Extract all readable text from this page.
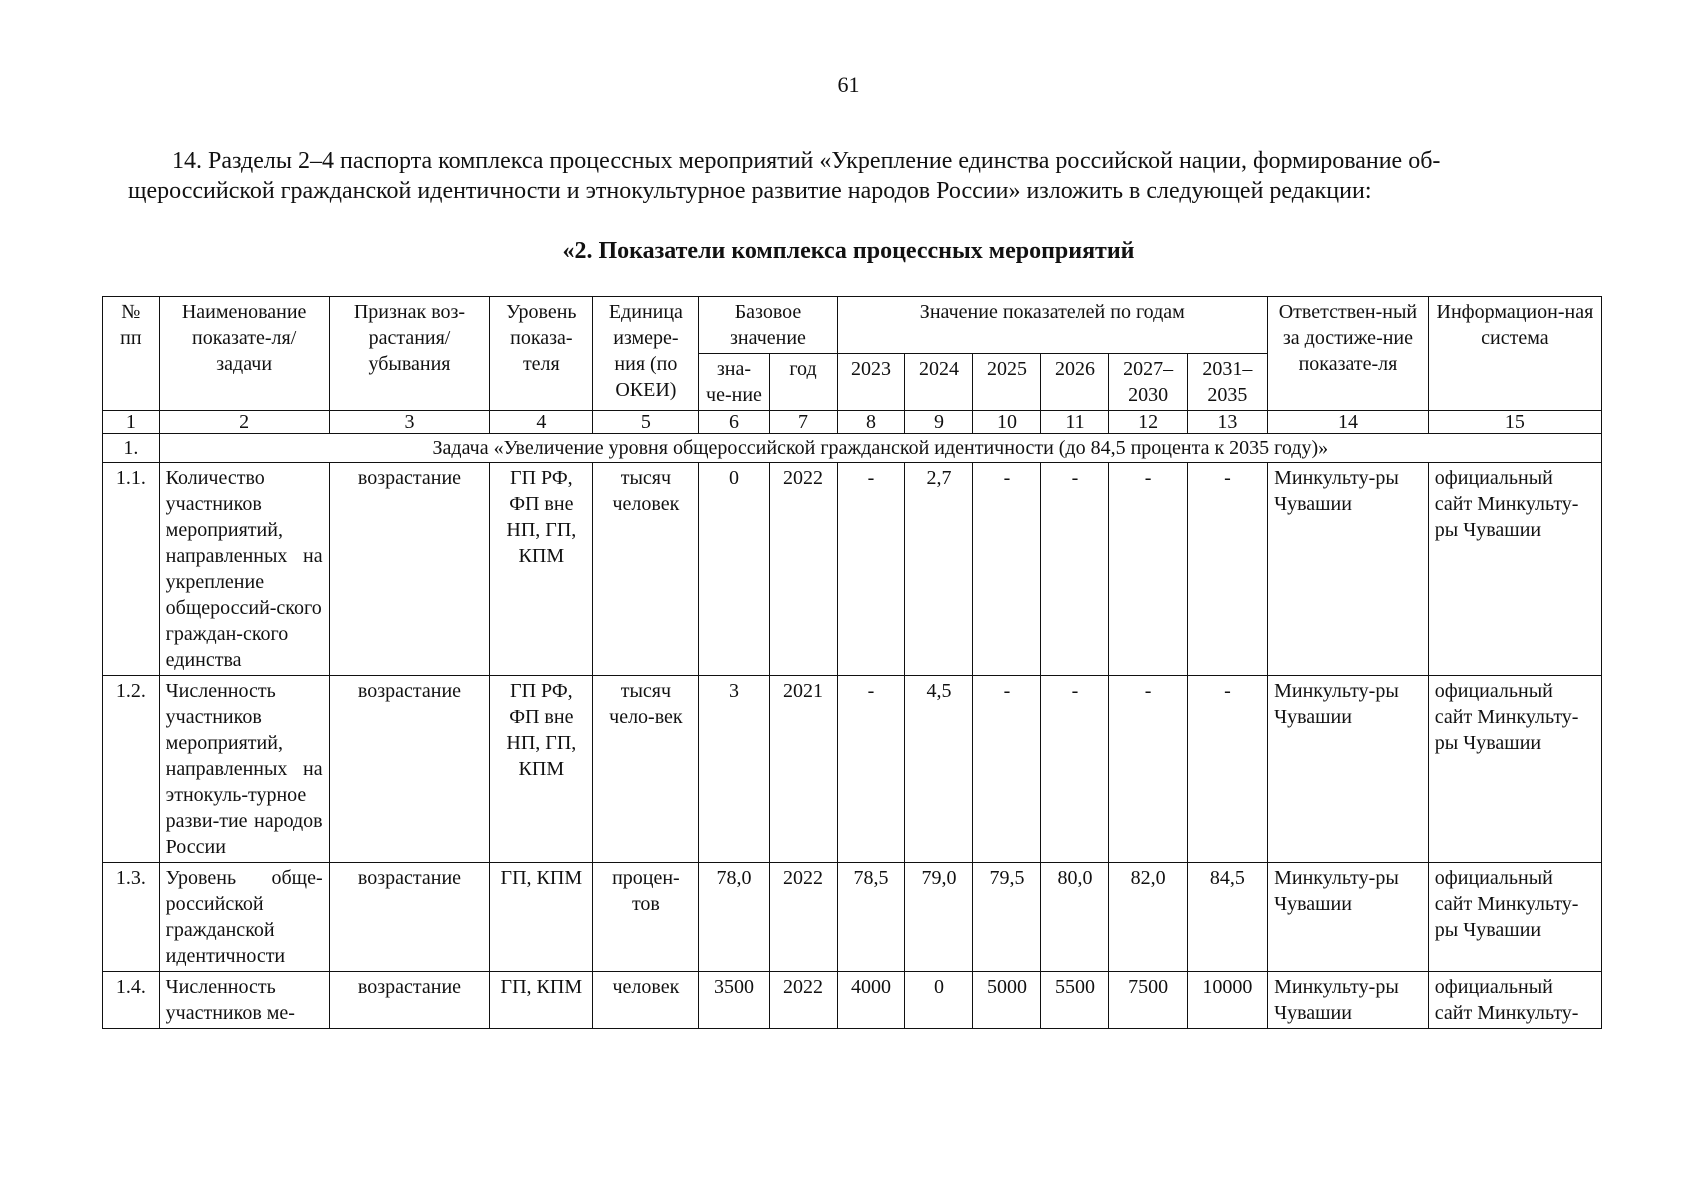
61
14. Разделы 2–4 паспорта комплекса процессных мероприятий «Укрепление единства российской нации, формирование об-
щероссийской гражданской идентичности и этнокультурное развитие народов России» изложить в следующей редакции:
«2. Показатели комплекса процессных мероприятий
№ пп	Наименование показате-ля/задачи	Признак воз-растания/ убывания	Уровень показа-теля	Единица измере-ния (по ОКЕИ)	Базовое значение		Значение показателей по годам						Ответствен-ный за достиже-ние показате-ля	Информацион-ная система
					зна-че-ние	год	2023	2024	2025	2026	2027–2030	2031–2035		
1	2	3	4	5	6	7	8	9	10	11	12	13	14	15
1.	Задача «Увеличение уровня общероссийской гражданской идентичности (до 84,5 процента к 2035 году)»													
1.1.	Количество участников мероприятий, направленных на укрепление общероссий-ского граждан-ского единства	возрастание	ГП РФ, ФП вне НП, ГП, КПМ	тысяч человек	0	2022	-	2,7	-	-	-	-	Минкульту-ры Чувашии	официальный сайт Минкульту-ры Чувашии
1.2.	Численность участников мероприятий, направленных на этнокуль-турное разви-тие народов России	возрастание	ГП РФ, ФП вне НП, ГП, КПМ	тысяч чело-век	3	2021	-	4,5	-	-	-	-	Минкульту-ры Чувашии	официальный сайт Минкульту-ры Чувашии
1.3.	Уровень обще-российской гражданской идентичности	возрастание	ГП, КПМ	процен-тов	78,0	2022	78,5	79,0	79,5	80,0	82,0	84,5	Минкульту-ры Чувашии	официальный сайт Минкульту-ры Чувашии
1.4.	Численность участников ме-	возрастание	ГП, КПМ	человек	3500	2022	4000	0	5000	5500	7500	10000	Минкульту-ры Чувашии	официальный сайт Минкульту-
